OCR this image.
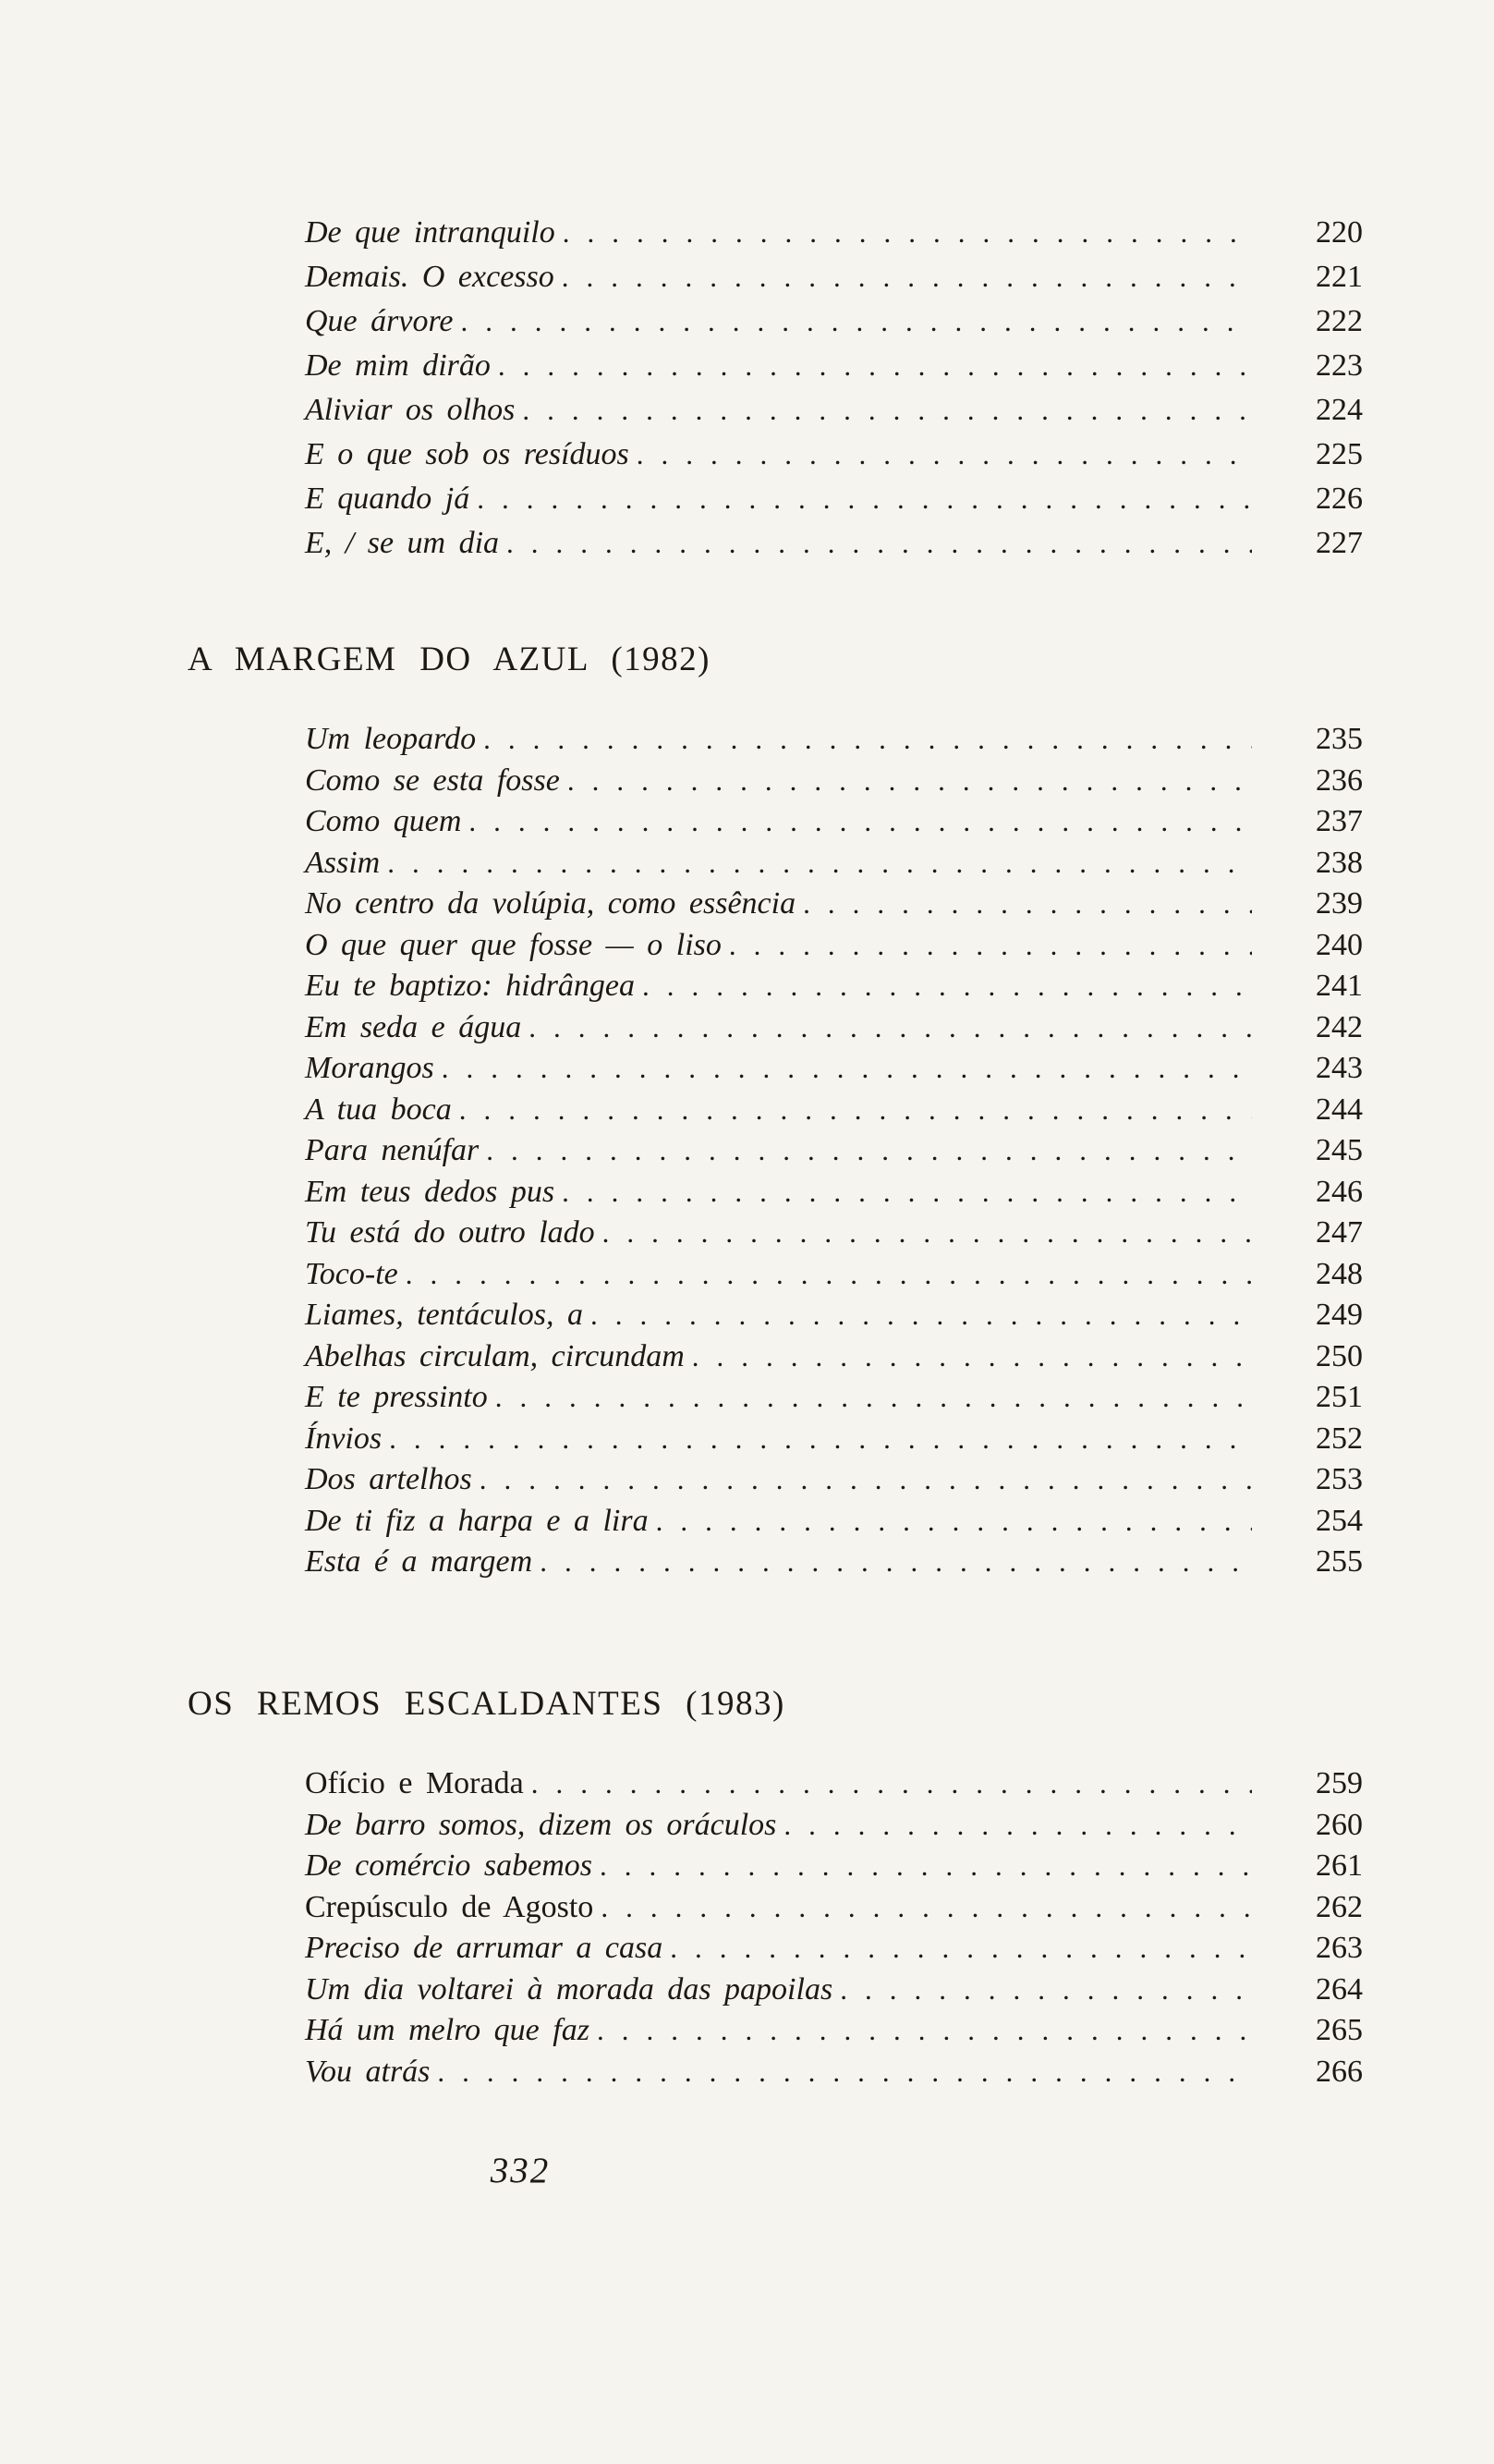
De que intranquilo .....	220
Demais. O excesso .....	221
Que árvore .....	222
De mim dirão .....	223
Aliviar os olhos .....	224
E o que sob os resíduos .....	225
E quando já .....	226
E, / se um dia .....	227
A MARGEM DO AZUL (1982)
Um leopardo .....	235
Como se esta fosse .....	236
Como quem .....	237
Assim .....	238
No centro da volúpia, como essência .....	239
O que quer que fosse — o liso .....	240
Eu te baptizo: hidrângea .....	241
Em seda e água .....	242
Morangos .....	243
A tua boca .....	244
Para nenúfar .....	245
Em teus dedos pus .....	246
Tu está do outro lado .....	247
Toco-te .....	248
Liames, tentáculos, a .....	249
Abelhas circulam, circundam .....	250
E te pressinto .....	251
Ínvios .....	252
Dos artelhos .....	253
De ti fiz a harpa e a lira .....	254
Esta é a margem .....	255
OS REMOS ESCALDANTES (1983)
Ofício e Morada .....	259
De barro somos, dizem os oráculos .....	260
De comércio sabemos .....	261
Crepúsculo de Agosto .....	262
Preciso de arrumar a casa .....	263
Um dia voltarei à morada das papoilas .....	264
Há um melro que faz .....	265
Vou atrás .....	266
332
